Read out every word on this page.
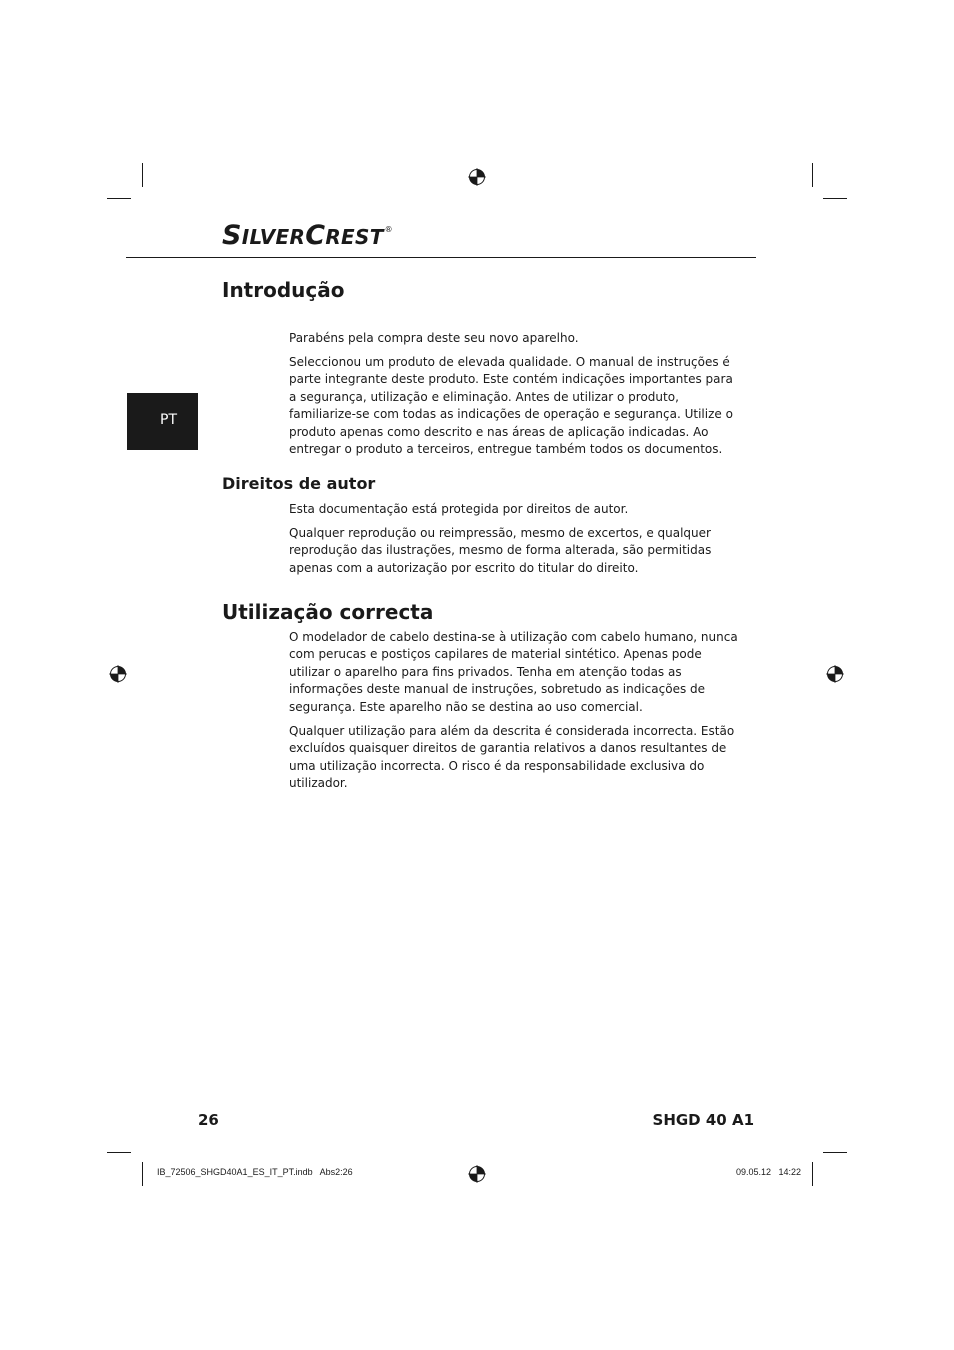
SILVERCREST®
PT
Introdução

Parabéns pela compra deste seu novo aparelho.

Seleccionou um produto de elevada qualidade. O manual de instruções é parte integrante deste produto. Este contém indicações importantes para a segurança, utilização e eliminação. Antes de utilizar o produto, familiarize-se com todas as indicações de operação e segurança. Utilize o produto apenas como descrito e nas áreas de aplicação indicadas. Ao entregar o produto a terceiros, entregue também todos os documentos.

Direitos de autor

Esta documentação está protegida por direitos de autor.

Qualquer reprodução ou reimpressão, mesmo de excertos, e qualquer reprodução das ilustrações, mesmo de forma alterada, são permitidas apenas com a autorização por escrito do titular do direito.

Utilização correcta

O modelador de cabelo destina-se à utilização com cabelo humano, nunca com perucas e postiços capilares de material sintético. Apenas pode utilizar o aparelho para fins privados. Tenha em atenção todas as informações deste manual de instruções, sobretudo as indicações de segurança. Este aparelho não se destina ao uso comercial.

Qualquer utilização para além da descrita é considerada incorrecta. Estão excluídos quaisquer direitos de garantia relativos a danos resultantes de uma utilização incorrecta. O risco é da responsabilidade exclusiva do utilizador.

26	SHGD 40 A1
IB_72506_SHGD40A1_ES_IT_PT.indb   Abs2:26	09.05.12   14:22
